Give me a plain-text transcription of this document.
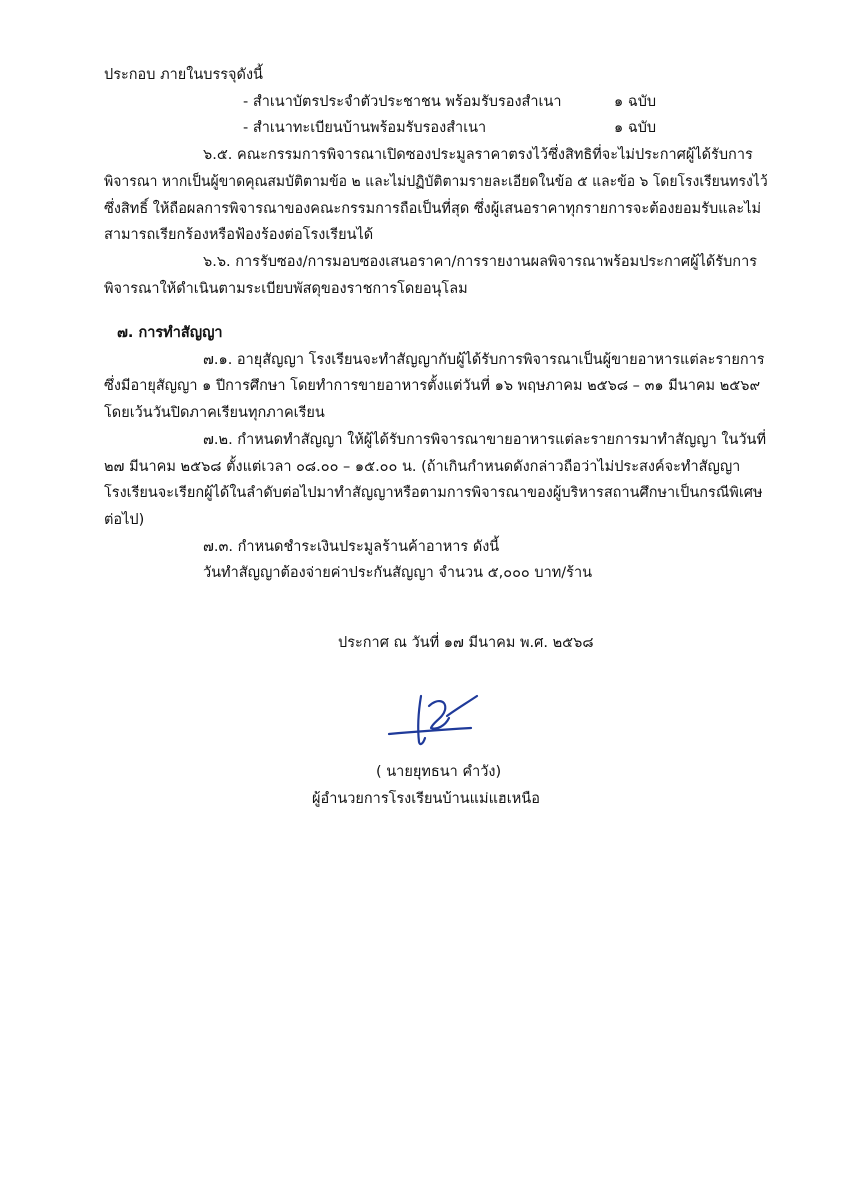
ประกอบ ภายในบรรจุดังนี้

- สำเนาบัตรประจำตัวประชาชน พร้อมรับรองสำเนา	๑ ฉบับ

- สำเนาทะเบียนบ้านพร้อมรับรองสำเนา	๑ ฉบับ

๖.๕. คณะกรรมการพิจารณาเปิดซองประมูลราคาตรงไว้ซึ่งสิทธิที่จะไม่ประกาศผู้ได้รับการ

พิจารณา หากเป็นผู้ขาดคุณสมบัติตามข้อ ๒ และไม่ปฏิบัติตามรายละเอียดในข้อ ๕ และข้อ ๖ โดยโรงเรียนทรงไว้

ซึ่งสิทธิ์ ให้ถือผลการพิจารณาของคณะกรรมการถือเป็นที่สุด ซึ่งผู้เสนอราคาทุกรายการจะต้องยอมรับและไม่

สามารถเรียกร้องหรือฟ้องร้องต่อโรงเรียนได้

๖.๖. การรับซอง/การมอบซองเสนอราคา/การรายงานผลพิจารณาพร้อมประกาศผู้ได้รับการ

พิจารณาให้ดำเนินตามระเบียบพัสดุของราชการโดยอนุโลม

๗. การทำสัญญา

๗.๑. อายุสัญญา โรงเรียนจะทำสัญญากับผู้ได้รับการพิจารณาเป็นผู้ขายอาหารแต่ละรายการ

ซึ่งมีอายุสัญญา ๑ ปีการศึกษา โดยทำการขายอาหารตั้งแต่วันที่ ๑๖ พฤษภาคม ๒๕๖๘ – ๓๑ มีนาคม ๒๕๖๙

โดยเว้นวันปิดภาคเรียนทุกภาคเรียน

๗.๒. กำหนดทำสัญญา ให้ผู้ได้รับการพิจารณาขายอาหารแต่ละรายการมาทำสัญญา ในวันที่

๒๗ มีนาคม ๒๕๖๘ ตั้งแต่เวลา ๐๘.๐๐ – ๑๕.๐๐ น. (ถ้าเกินกำหนดดังกล่าวถือว่าไม่ประสงค์จะทำสัญญา

โรงเรียนจะเรียกผู้ได้ในลำดับต่อไปมาทำสัญญาหรือตามการพิจารณาของผู้บริหารสถานศึกษาเป็นกรณีพิเศษ

ต่อไป)

๗.๓. กำหนดชำระเงินประมูลร้านค้าอาหาร ดังนี้

วันทำสัญญาต้องจ่ายค่าประกันสัญญา จำนวน ๕,๐๐๐ บาท/ร้าน

ประกาศ ณ วันที่ ๑๗ มีนาคม พ.ศ. ๒๕๖๘

( นายยุทธนา คำวัง)

ผู้อำนวยการโรงเรียนบ้านแม่แฮเหนือ
